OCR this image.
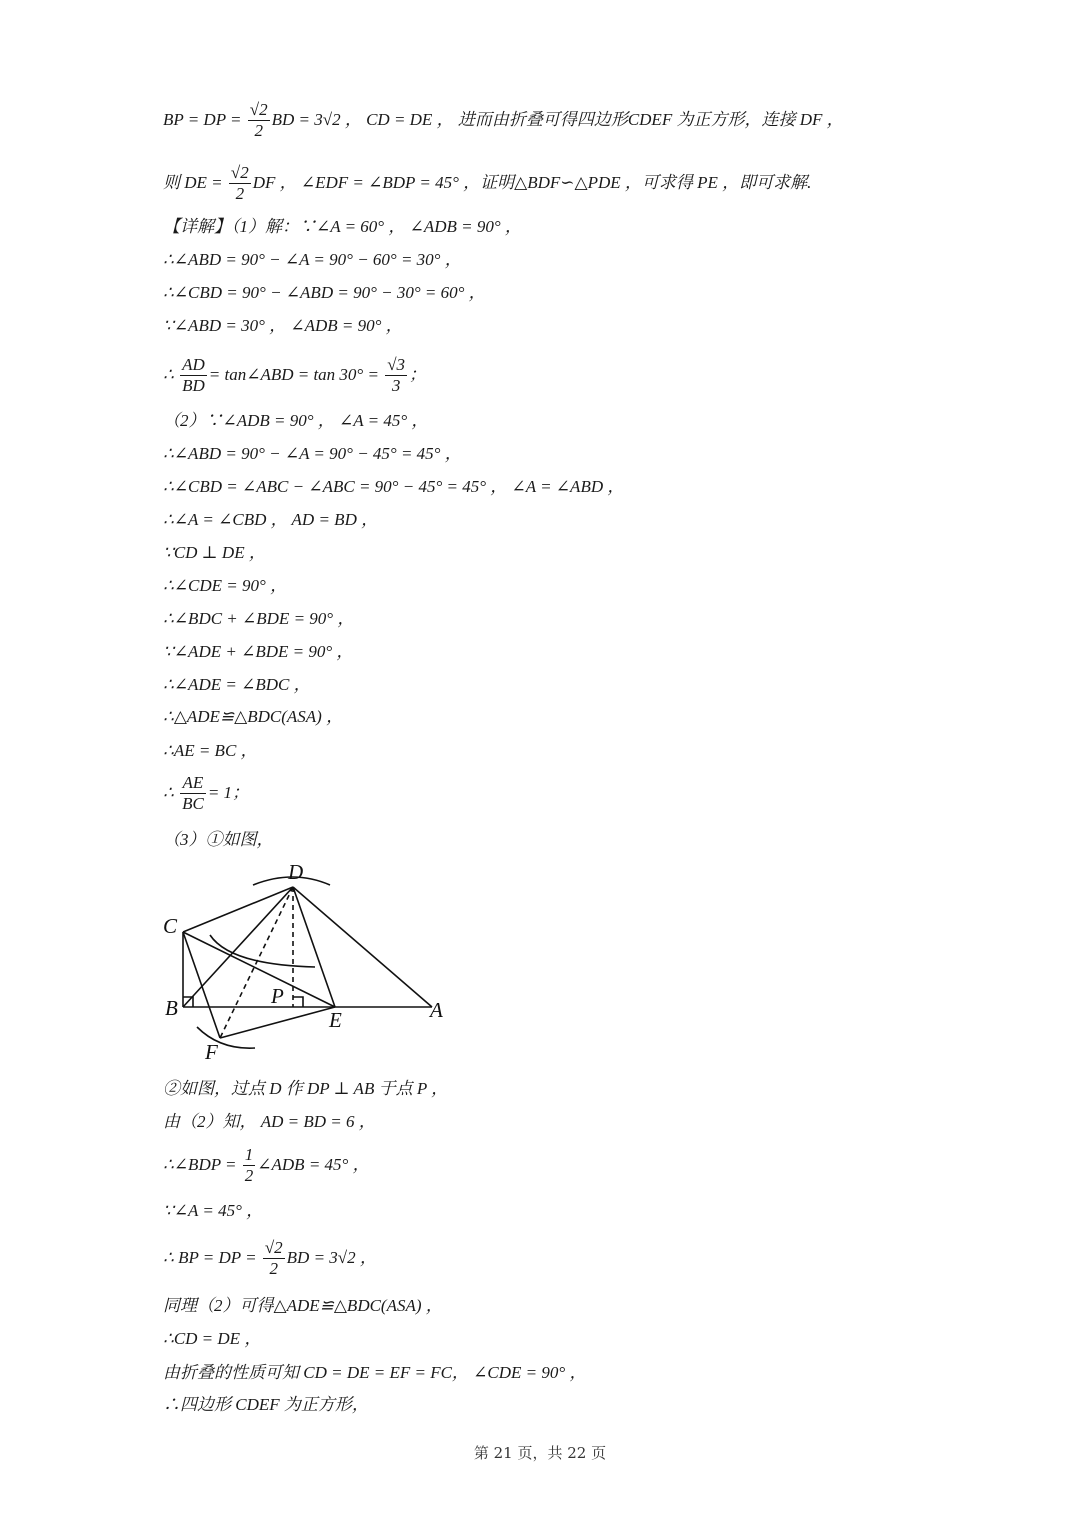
BP = DP = $\frac{√2}{2}$ BD = 3√2 ， CD = DE ， 进而由折叠可得四边形CDEF 为正方形，连接 DF ，
则 DE = $\frac{√2}{2}$ DF ， ∠EDF = ∠BDP = 45° ，证明△BDF∽△PDE ，可求得 PE ，即可求解.
【详解】（1）解：∵∠A = 60° ， ∠ADB = 90° ，
∴∠ABD = 90° − ∠A = 90° − 60° = 30° ，
∴∠CBD = 90° − ∠ABD = 90° − 30° = 60° ，
∵∠ABD = 30° ， ∠ADB = 90° ，
∴ $\frac{AD}{BD}$ = tan∠ABD = $\tan 30^\circ = \frac{√3}{3}$ ；
（2）∵∠ADB = 90° ， ∠A = 45° ，
∴∠ABD = 90° − ∠A = 90° − 45° = 45° ，
∴∠CBD = ∠ABC − ∠ABC = 90° − 45° = 45° ， ∠A = ∠ABD ，
∴∠A = ∠CBD ， AD = BD ，
∵CD ⊥ DE ，
∴∠CDE = 90° ，
∴∠BDC + ∠BDE = 90° ，
∵∠ADE + ∠BDE = 90° ，
∴∠ADE = ∠BDC ，
∴△ADE≌△BDC(ASA) ，
∴AE = BC ，
∴ $\frac{AE}{BC} = 1$；
（3）①如图，
D
C
B	P
E	A
F
②如图，过点 D 作 DP ⊥ AB 于点 P ，
由（2）知， AD = BD = 6 ，
∴∠BDP = $\frac{1}{2}$ ∠ADB = 45° ，
∵∠A = 45° ，
∴ BP = DP = $\frac{√2}{2}$ BD = 3√2 ，
同理（2）可得△ADE≌△BDC(ASA) ，
∴CD = DE ，
由折叠的性质可知 CD = DE = EF = FC， ∠CDE = 90° ，
∴四边形 CDEF 为正方形，
第 21 页，共 22 页
